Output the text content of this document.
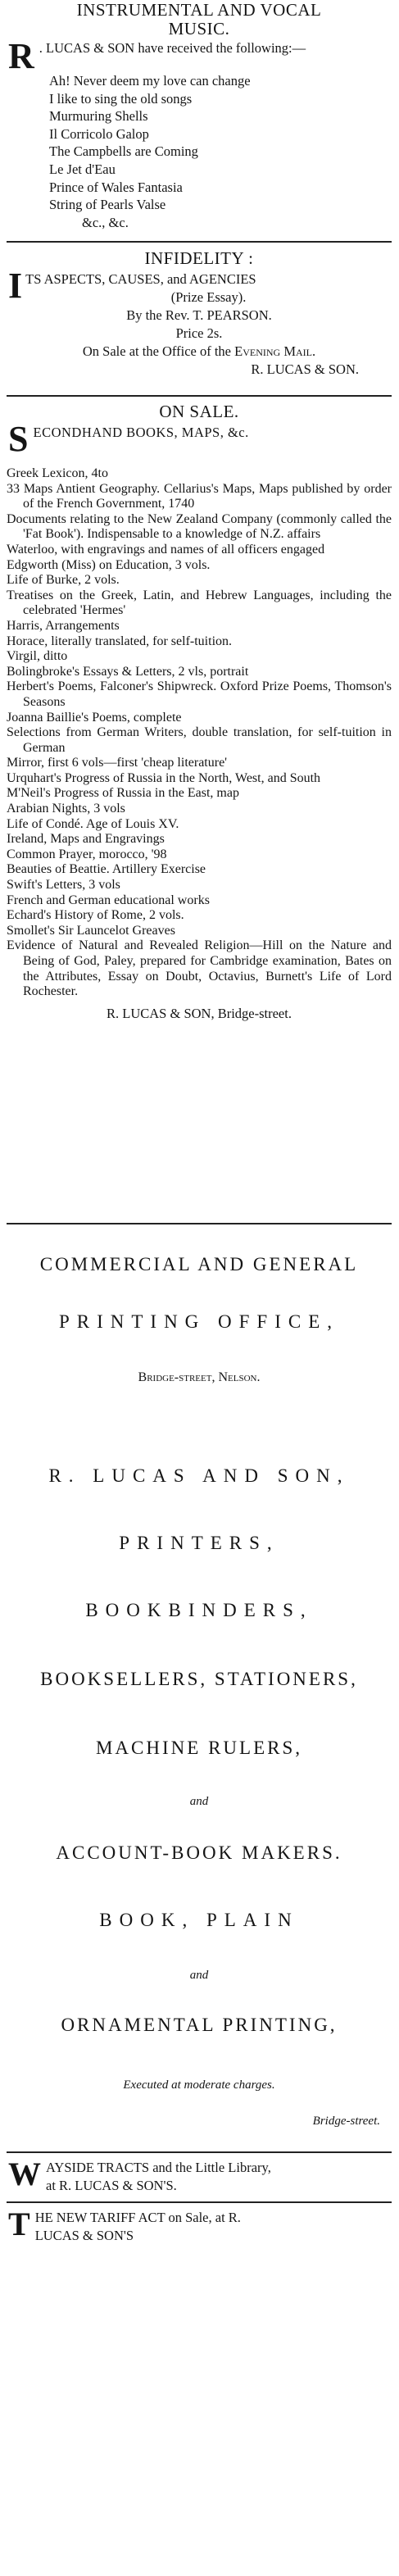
INSTRUMENTAL AND VOCAL
MUSIC.
R . LUCAS & SON have received the following:—
Ah! Never deem my love can change
I like to sing the old songs
Murmuring Shells
Il Corricolo Galop
The Campbells are Coming
Le Jet d'Eau
Prince of Wales Fantasia
String of Pearls Valse
&c., &c.
INFIDELITY :
I TS ASPECTS, CAUSES, and AGENCIES
(Prize Essay).
By the Rev. T. PEARSON.
Price 2s.
On Sale at the Office of the Evening Mail.
R. LUCAS & SON.
ON SALE.
S ECONDHAND BOOKS, MAPS, &c.
Greek Lexicon, 4to
33 Maps Antient Geography. Cellarius's Maps, Maps published by order of the French Government, 1740
Documents relating to the New Zealand Company (commonly called the 'Fat Book'). Indispensable to a knowledge of N.Z. affairs
Waterloo, with engravings and names of all officers engaged
Edgworth (Miss) on Education, 3 vols.
Life of Burke, 2 vols.
Treatises on the Greek, Latin, and Hebrew Languages, including the celebrated 'Hermes'
Harris, Arrangements
Horace, literally translated, for self-tuition.
Virgil, ditto
Bolingbroke's Essays & Letters, 2 vls, portrait
Herbert's Poems, Falconer's Shipwreck. Oxford Prize Poems, Thomson's Seasons
Joanna Baillie's Poems, complete
Selections from German Writers, double translation, for self-tuition in German
Mirror, first 6 vols—first 'cheap literature'
Urquhart's Progress of Russia in the North, West, and South
M'Neil's Progress of Russia in the East, map
Arabian Nights, 3 vols
Life of Condé. Age of Louis XV.
Ireland, Maps and Engravings
Common Prayer, morocco, '98
Beauties of Beattie. Artillery Exercise
Swift's Letters, 3 vols
French and German educational works
Echard's History of Rome, 2 vols.
Smollet's Sir Launcelot Greaves
Evidence of Natural and Revealed Religion—Hill on the Nature and Being of God, Paley, prepared for Cambridge examination, Bates on the Attributes, Essay on Doubt, Octavius, Burnett's Life of Lord Rochester.
R. LUCAS & SON, Bridge-street.
COMMERCIAL AND GENERAL
PRINTING OFFICE,
Bridge-street, Nelson.
R. LUCAS AND SON,
PRINTERS,
BOOKBINDERS,
BOOKSELLERS, STATIONERS,
MACHINE RULERS,
and
ACCOUNT-BOOK MAKERS.
BOOK, PLAIN
and
ORNAMENTAL PRINTING,
Executed at moderate charges.
Bridge-street.
W AYSIDE TRACTS and the Little Library,
at R. LUCAS & SON'S.
T HE NEW TARIFF ACT on Sale, at R.
LUCAS & SON'S
